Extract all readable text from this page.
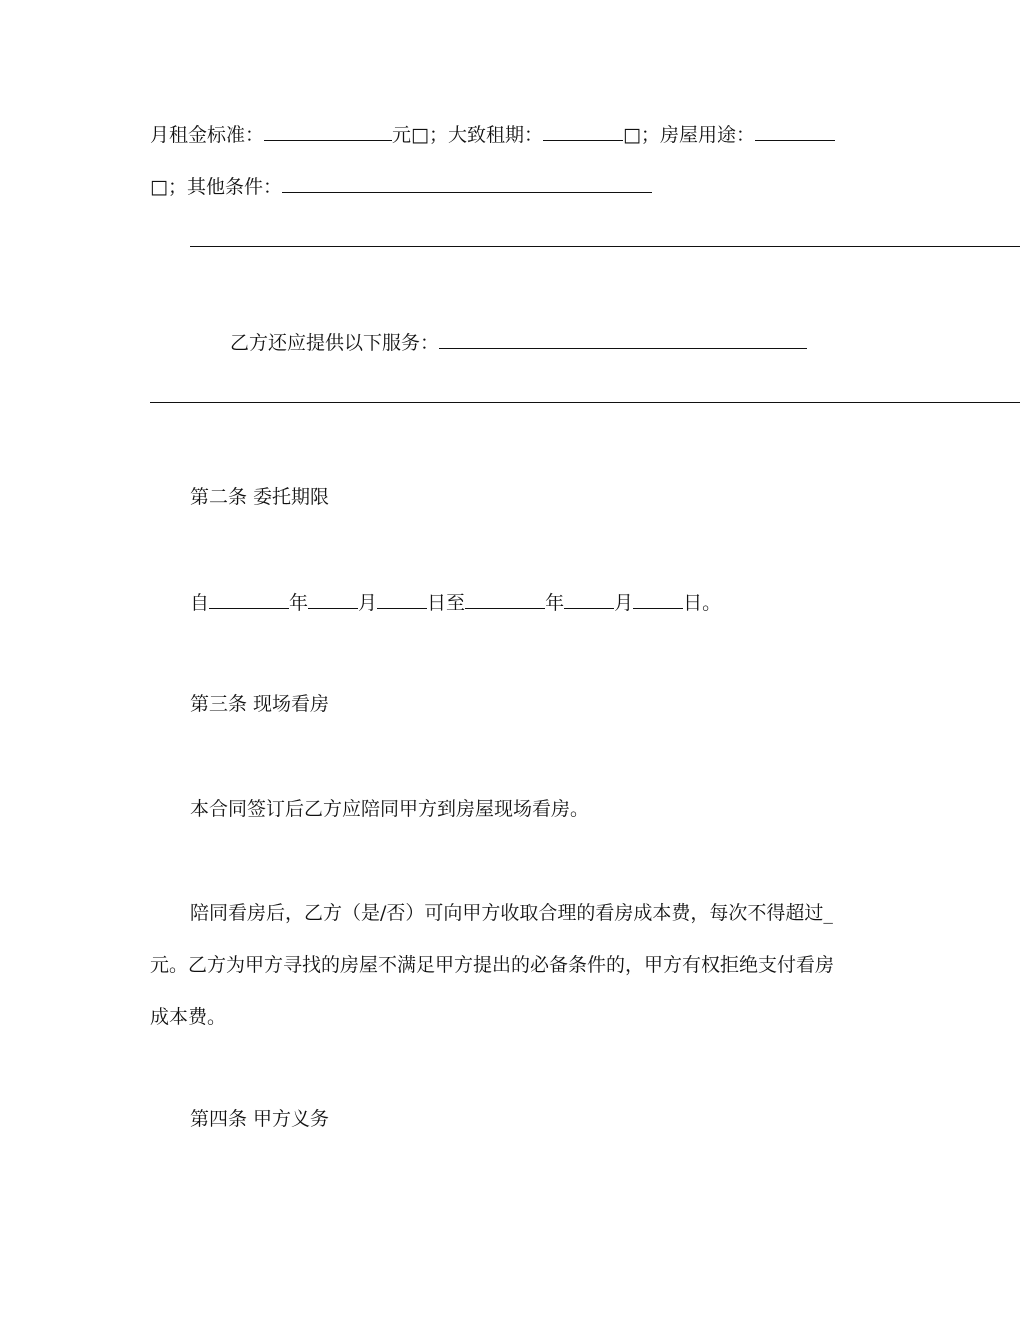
月租金标准：	元□；大致租期：	□；房屋用途：
□；其他条件：
乙方还应提供以下服务：
第二条 委托期限
自	年	月	日至	年	月	日。
第三条 现场看房
本合同签订后乙方应陪同甲方到房屋现场看房。
陪同看房后，乙方（是/否）可向甲方收取合理的看房成本费，每次不得超过_
元。乙方为甲方寻找的房屋不满足甲方提出的必备条件的，甲方有权拒绝支付看房
成本费。
第四条 甲方义务
